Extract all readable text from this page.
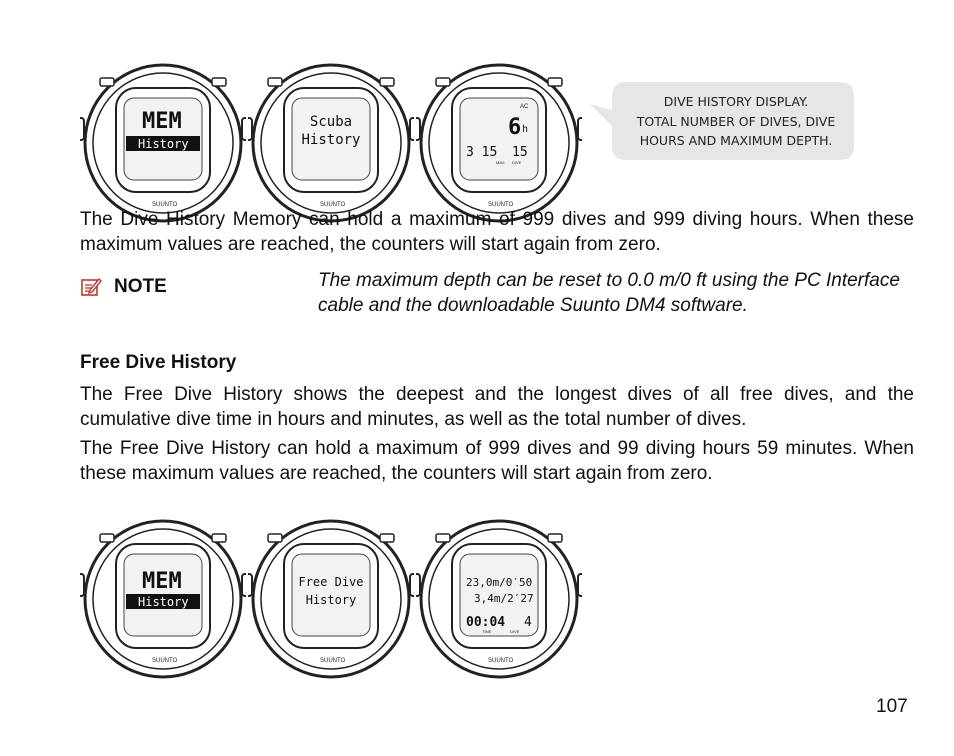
MEM
History
SUUNTO
Scuba
History
SUUNTO
AC
6 h
3 15 15
MAX DIVE
SUUNTO
DIVE HISTORY DISPLAY.
TOTAL NUMBER OF DIVES, DIVE
HOURS AND MAXIMUM DEPTH.

The Dive History Memory can hold a maximum of 999 dives and 999 diving hours. When these maximum values are reached, the counters will start again from zero.

NOTE	The maximum depth can be reset to 0.0 m/0 ft using the PC Interface cable and the downloadable Suunto DM4 software.
Free Dive History

The Free Dive History shows the deepest and the longest dives of all free dives, and the cumulative dive time in hours and minutes, as well as the total number of dives.

The Free Dive History can hold a maximum of 999 dives and 99 diving hours 59 minutes. When these maximum values are reached, the counters will start again from zero.

MEM
History
SUUNTO
Free Dive
History
SUUNTO
23,0m/0′50
3,4m/2′27
00:04 4
TIME	DIVE
SUUNTO
107
